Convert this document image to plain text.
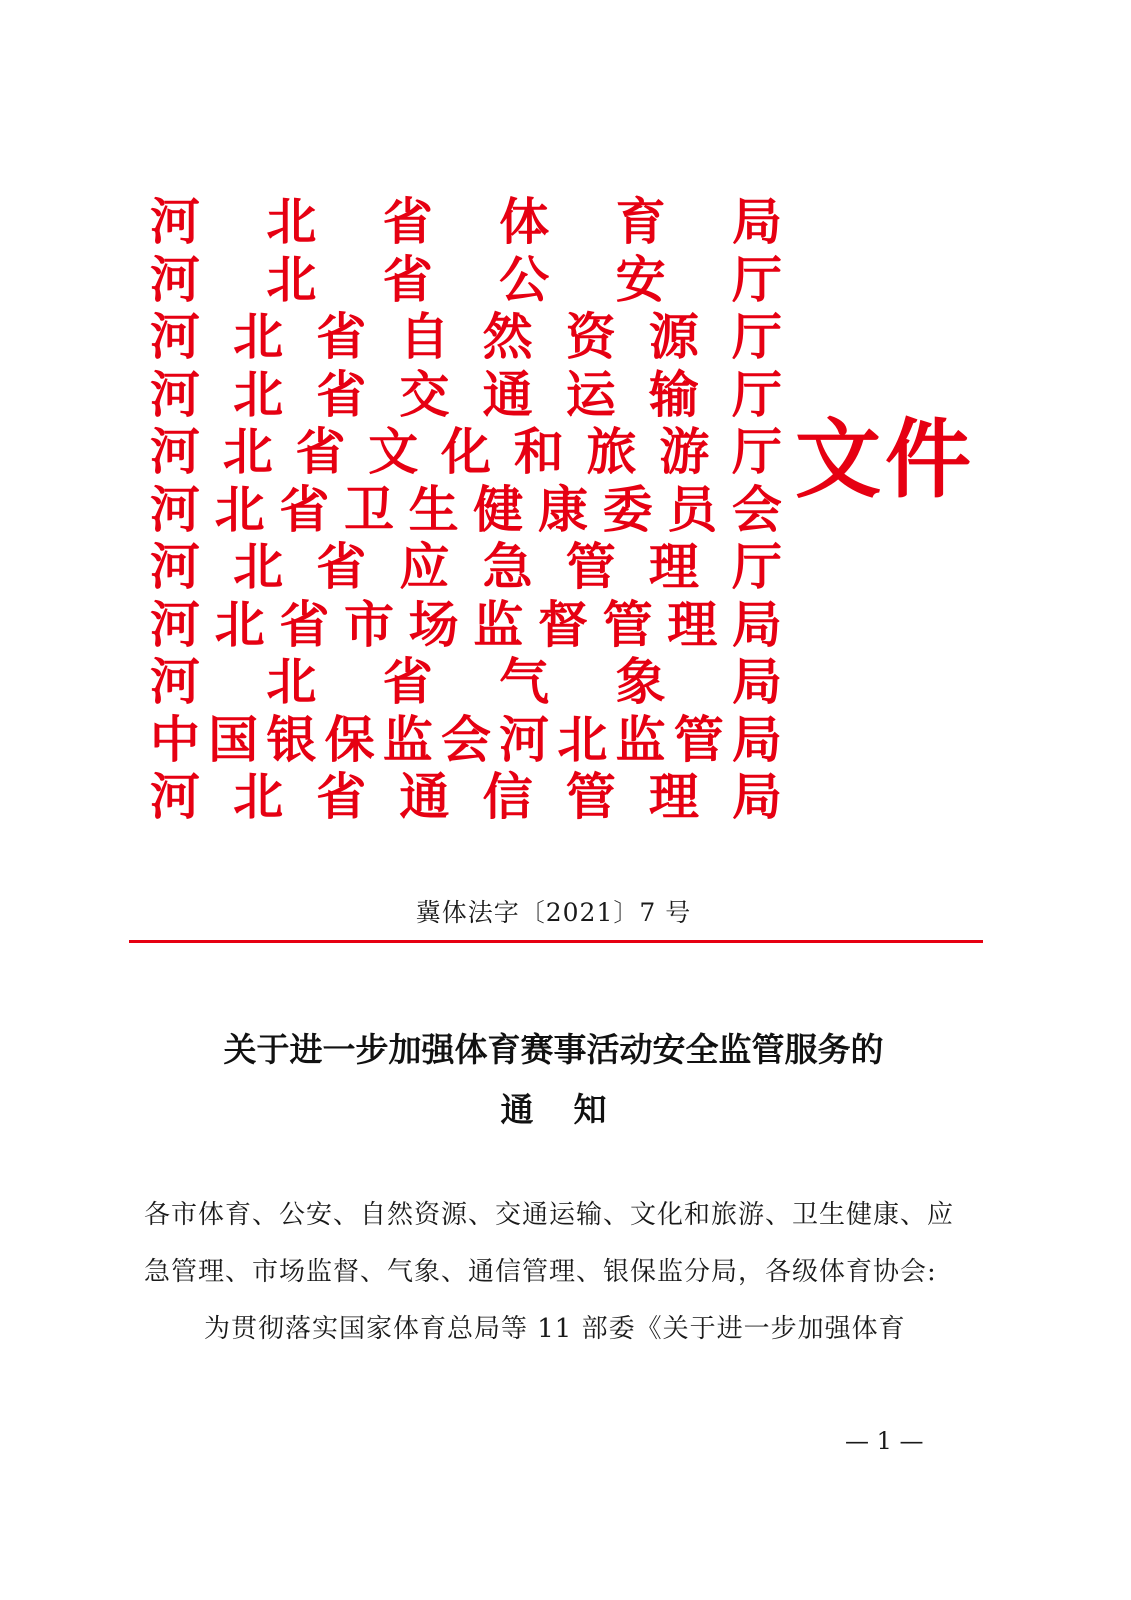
河 北 省 体 育 局
河 北 省 公 安 厅
河 北 省 自 然 资 源 厅
河 北 省 交 通 运 输 厅
河 北 省 文 化 和 旅 游 厅
河 北 省 卫 生 健 康 委 员 会
河 北 省 应 急 管 理 厅
河 北 省 市 场 监 督 管 理 局
河 北 省 气 象 局
中 国 银 保 监 会 河 北 监 管 局
河 北 省 通 信 管 理 局
文件
冀体法字〔2021〕7 号
关于进一步加强体育赛事活动安全监管服务的
通知

各市体育、公安、自然资源、交通运输、文化和旅游、卫生健康、应急管理、市场监督、气象、通信管理、银保监分局，各级体育协会:

为贯彻落实国家体育总局等 11 部委《关于进一步加强体育

— 1 —
